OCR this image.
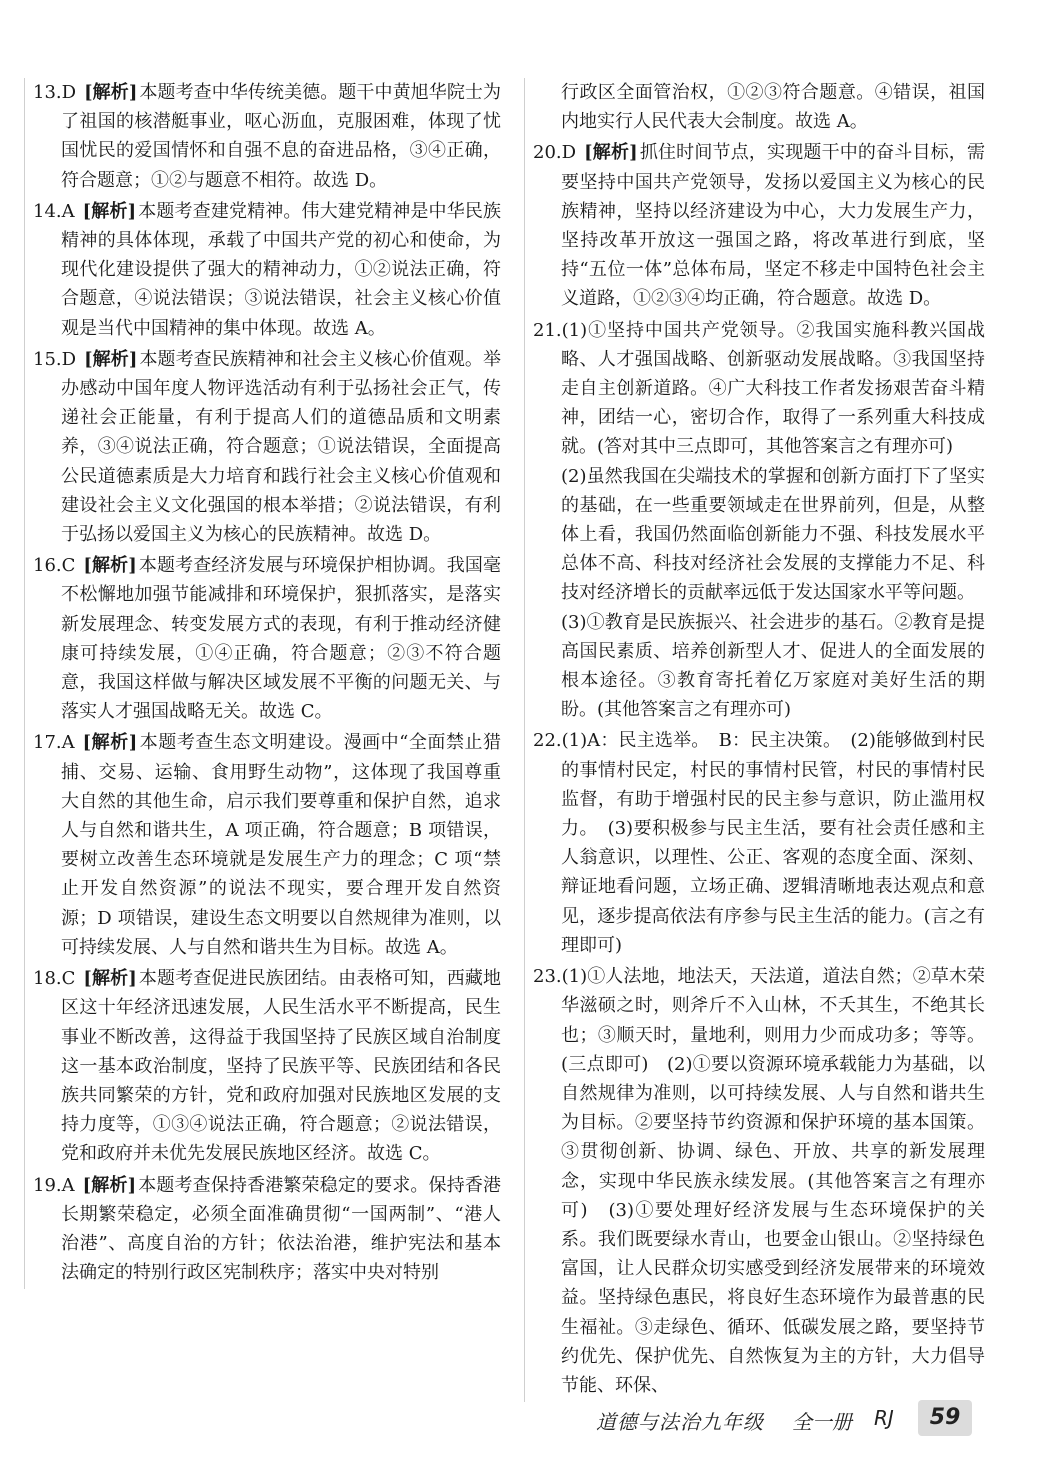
13.D [解析] 本题考查中华传统美德。题干中黄旭华院士为了祖国的核潜艇事业，呕心沥血，克服困难，体现了忧国忧民的爱国情怀和自强不息的奋进品格，③④正确，符合题意；①②与题意不相符。故选 D。
14.A [解析] 本题考查建党精神。伟大建党精神是中华民族精神的具体体现，承载了中国共产党的初心和使命，为现代化建设提供了强大的精神动力，①②说法正确，符合题意，④说法错误；③说法错误，社会主义核心价值观是当代中国精神的集中体现。故选 A。
15.D [解析] 本题考查民族精神和社会主义核心价值观。举办感动中国年度人物评选活动有利于弘扬社会正气，传递社会正能量，有利于提高人们的道德品质和文明素养，③④说法正确，符合题意；①说法错误，全面提高公民道德素质是大力培育和践行社会主义核心价值观和建设社会主义文化强国的根本举措；②说法错误，有利于弘扬以爱国主义为核心的民族精神。故选 D。
16.C [解析] 本题考查经济发展与环境保护相协调。我国毫不松懈地加强节能减排和环境保护，狠抓落实，是落实新发展理念、转变发展方式的表现，有利于推动经济健康可持续发展，①④正确，符合题意；②③不符合题意，我国这样做与解决区域发展不平衡的问题无关、与落实人才强国战略无关。故选 C。
17.A [解析] 本题考查生态文明建设。漫画中“全面禁止猎捕、交易、运输、食用野生动物”，这体现了我国尊重大自然的其他生命，启示我们要尊重和保护自然，追求人与自然和谐共生，A 项正确，符合题意；B 项错误，要树立改善生态环境就是发展生产力的理念；C 项“禁止开发自然资源”的说法不现实，要合理开发自然资源；D 项错误，建设生态文明要以自然规律为准则，以可持续发展、人与自然和谐共生为目标。故选 A。
18.C [解析] 本题考查促进民族团结。由表格可知，西藏地区这十年经济迅速发展，人民生活水平不断提高，民生事业不断改善，这得益于我国坚持了民族区域自治制度这一基本政治制度，坚持了民族平等、民族团结和各民族共同繁荣的方针，党和政府加强对民族地区发展的支持力度等，①③④说法正确，符合题意；②说法错误，党和政府并未优先发展民族地区经济。故选 C。
19.A [解析] 本题考查保持香港繁荣稳定的要求。保持香港长期繁荣稳定，必须全面准确贯彻“一国两制”、“港人治港”、高度自治的方针；依法治港，维护宪法和基本法确定的特别行政区宪制秩序；落实中央对特别
行政区全面管治权，①②③符合题意。④错误，祖国内地实行人民代表大会制度。故选 A。
20.D [解析] 抓住时间节点，实现题干中的奋斗目标，需要坚持中国共产党领导，发扬以爱国主义为核心的民族精神，坚持以经济建设为中心，大力发展生产力，坚持改革开放这一强国之路，将改革进行到底，坚持“五位一体”总体布局，坚定不移走中国特色社会主义道路，①②③④均正确，符合题意。故选 D。
21.(1)①坚持中国共产党领导。②我国实施科教兴国战略、人才强国战略、创新驱动发展战略。③我国坚持走自主创新道路。④广大科技工作者发扬艰苦奋斗精神，团结一心，密切合作，取得了一系列重大科技成就。(答对其中三点即可，其他答案言之有理亦可)
(2)虽然我国在尖端技术的掌握和创新方面打下了坚实的基础，在一些重要领域走在世界前列，但是，从整体上看，我国仍然面临创新能力不强、科技发展水平总体不高、科技对经济社会发展的支撑能力不足、科技对经济增长的贡献率远低于发达国家水平等问题。
(3)①教育是民族振兴、社会进步的基石。②教育是提高国民素质、培养创新型人才、促进人的全面发展的根本途径。③教育寄托着亿万家庭对美好生活的期盼。(其他答案言之有理亦可)
22.(1)A：民主选举。　B：民主决策。　(2)能够做到村民的事情村民定，村民的事情村民管，村民的事情村民监督，有助于增强村民的民主参与意识，防止滥用权力。　(3)要积极参与民主生活，要有社会责任感和主人翁意识，以理性、公正、客观的态度全面、深刻、辩证地看问题，立场正确、逻辑清晰地表达观点和意见，逐步提高依法有序参与民主生活的能力。(言之有理即可)
23.(1)①人法地，地法天，天法道，道法自然；②草木荣华滋硕之时，则斧斤不入山林，不夭其生，不绝其长也；③顺天时，量地利，则用力少而成功多；等等。(三点即可)　(2)①要以资源环境承载能力为基础，以自然规律为准则，以可持续发展、人与自然和谐共生为目标。②要坚持节约资源和保护环境的基本国策。③贯彻创新、协调、绿色、开放、共享的新发展理念，实现中华民族永续发展。(其他答案言之有理亦可)　(3)①要处理好经济发展与生态环境保护的关系。我们既要绿水青山，也要金山银山。②坚持绿色富国，让人民群众切实感受到经济发展带来的环境效益。坚持绿色惠民，将良好生态环境作为最普惠的民生福祉。③走绿色、循环、低碳发展之路，要坚持节约优先、保护优先、自然恢复为主的方针，大力倡导节能、环保、
道德与法治九年级 全一册 RJ	59
